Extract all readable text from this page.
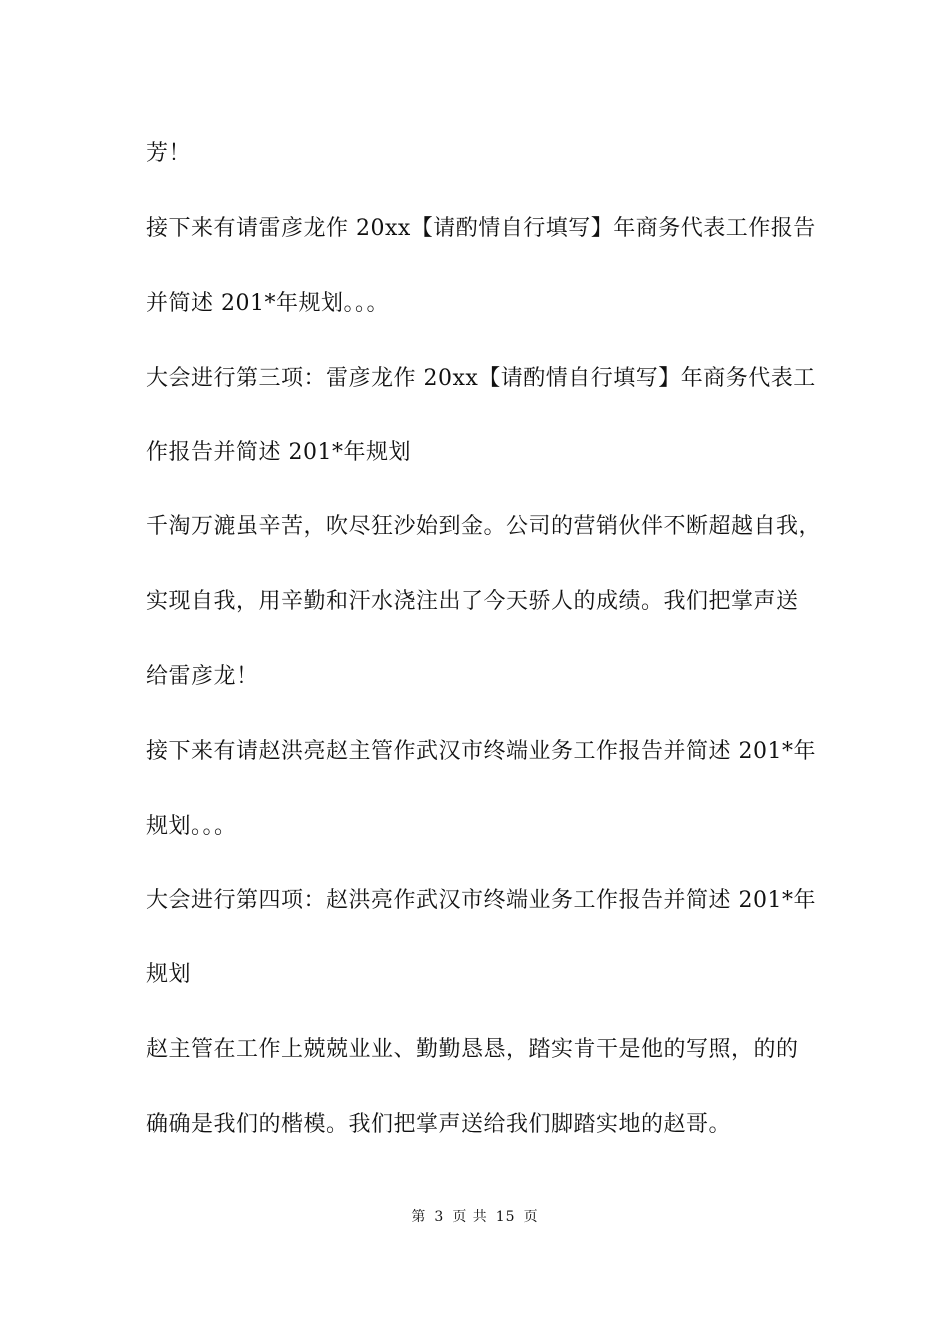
芳！
接下来有请雷彦龙作 20xx【请酌情自行填写】年商务代表工作报告
并简述 201*年规划。。。
大会进行第三项：雷彦龙作 20xx【请酌情自行填写】年商务代表工
作报告并简述 201*年规划
千淘万漉虽辛苦，吹尽狂沙始到金。公司的营销伙伴不断超越自我，
实现自我，用辛勤和汗水浇注出了今天骄人的成绩。我们把掌声送
给雷彦龙！
接下来有请赵洪亮赵主管作武汉市终端业务工作报告并简述 201*年
规划。。。
大会进行第四项：赵洪亮作武汉市终端业务工作报告并简述 201*年
规划
赵主管在工作上兢兢业业、勤勤恳恳，踏实肯干是他的写照，的的
确确是我们的楷模。我们把掌声送给我们脚踏实地的赵哥。
第 3 页 共 15 页
